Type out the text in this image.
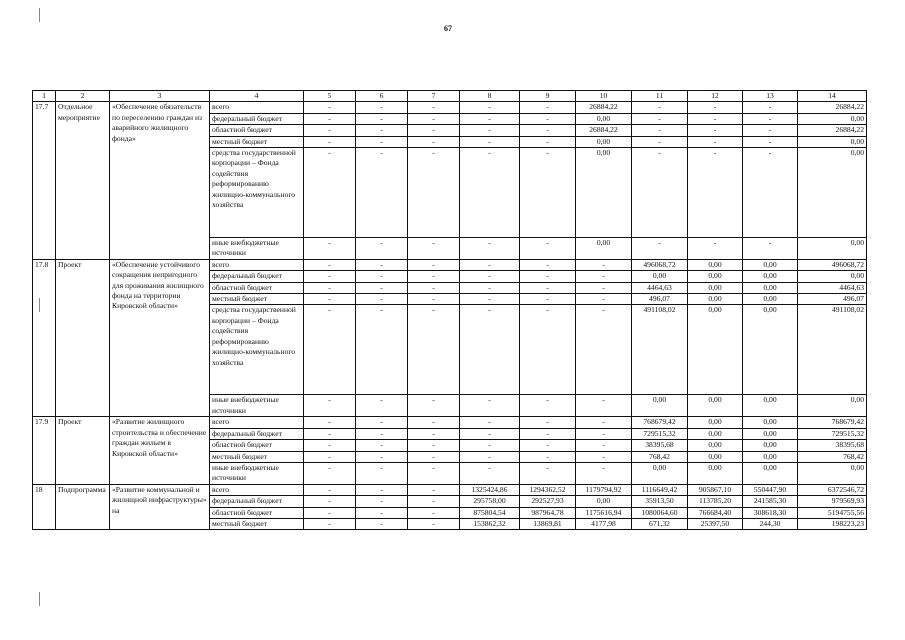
67
1	2	3	4	5	6	7	8	9	10	11	12	13	14
17.7	Отдельное мероприятие	«Обеспечение обязательств по переселению граждан из аварийного жилищного фонда»	всего	-	-	-	-	-	26884,22	-	-	-	26884,22
			федеральный бюджет	-	-	-	-	-	0,00	-	-	-	0,00
			областной бюджет	-	-	-	-	-	26884,22	-	-	-	26884,22
			местный бюджет	-	-	-	-	-	0,00	-	-	-	0,00
			средства государственной корпорации – Фонда содействия реформированию жилищно-коммунального хозяйства	-	-	-	-	-	0,00	-	-	-	0,00
			иные внебюджетные источники	-	-	-	-	-	0,00	-	-	-	0,00
17.8	Проект	«Обеспечение устойчивого сокращения непригодного для проживания жилищного фонда на территории Кировской области»	всего	-	-	-	-	-	-	496068,72	0,00	0,00	496068,72
			федеральный бюджет	-	-	-	-	-	-	0,00	0,00	0,00	0,00
			областной бюджет	-	-	-	-	-	-	4464,63	0,00	0,00	4464,63
			местный бюджет	-	-	-	-	-	-	496,07	0,00	0,00	496,07
			средства государственной корпорации – Фонда содействия реформированию жилищно-коммунального хозяйства	-	-	-	-	-	-	491108,02	0,00	0,00	491108,02
			иные внебюджетные источники	-	-	-	-	-	-	0,00	0,00	0,00	0,00
17.9	Проект	«Развитие жилищного строительства и обеспечение граждан жильем в Кировской области»	всего	-	-	-	-	-	-	768679,42	0,00	0,00	768679,42
			федеральный бюджет	-	-	-	-	-	-	729515,32	0,00	0,00	729515,32
			областной бюджет	-	-	-	-	-	-	38395,68	0,00	0,00	38395,68
			местный бюджет	-	-	-	-	-	-	768,42	0,00	0,00	768,42
			иные внебюджетные источники	-	-	-	-	-	-	0,00	0,00	0,00	0,00
18	Подпрограмма	«Развитие коммунальной и жилищной инфраструктуры» на	всего	-	-	-	1325424,86	1294362,52	1179794,92	1116649,42	905867,10	550447,90	6372546,72
			федеральный бюджет	-	-	-	295758,00	292527,93	0,00	35913,50	113785,20	241585,30	979569,93
			областной бюджет	-	-	-	875804,54	987964,78	1175616,94	1080064,60	766684,40	308618,30	5194755,56
			местный бюджет	-	-	-	153862,32	13869,81	4177,98	671,32	25397,50	244,30	198223,23
